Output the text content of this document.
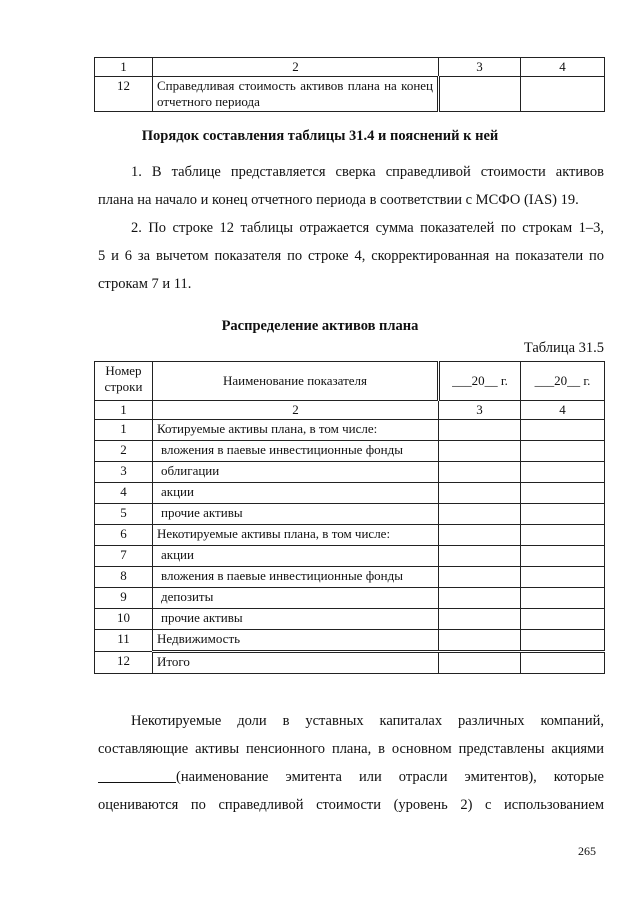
1	2	3	4
12	Справедливая стоимость активов плана на конец отчетного периода		
Порядок составления таблицы 31.4 и пояснений к ней
1. В таблице представляется сверка справедливой стоимости активов
плана на начало и конец отчетного периода в соответствии с МСФО (IAS) 19.
2. По строке 12 таблицы отражается сумма показателей по строкам 1–3,
5 и 6 за вычетом показателя по строке 4, скорректированная на показатели по
строкам 7 и 11.
Распределение активов плана
Таблица 31.5
Номер строки	Наименование показателя	___20__ г.	___20__ г.
1	2	3	4
1	Котируемые активы плана, в том числе:		
2	вложения в паевые инвестиционные фонды		
3	облигации		
4	акции		
5	прочие активы		
6	Некотируемые активы плана, в том числе:		
7	акции		
8	вложения в паевые инвестиционные фонды		
9	депозиты		
10	прочие активы		
11	Недвижимость		
12	Итого		
Некотируемые доли в уставных капиталах различных компаний,
составляющие активы пенсионного плана, в основном представлены акциями
(наименование эмитента или отрасли эмитентов), которые
оцениваются по справедливой стоимости (уровень 2) с использованием
265
